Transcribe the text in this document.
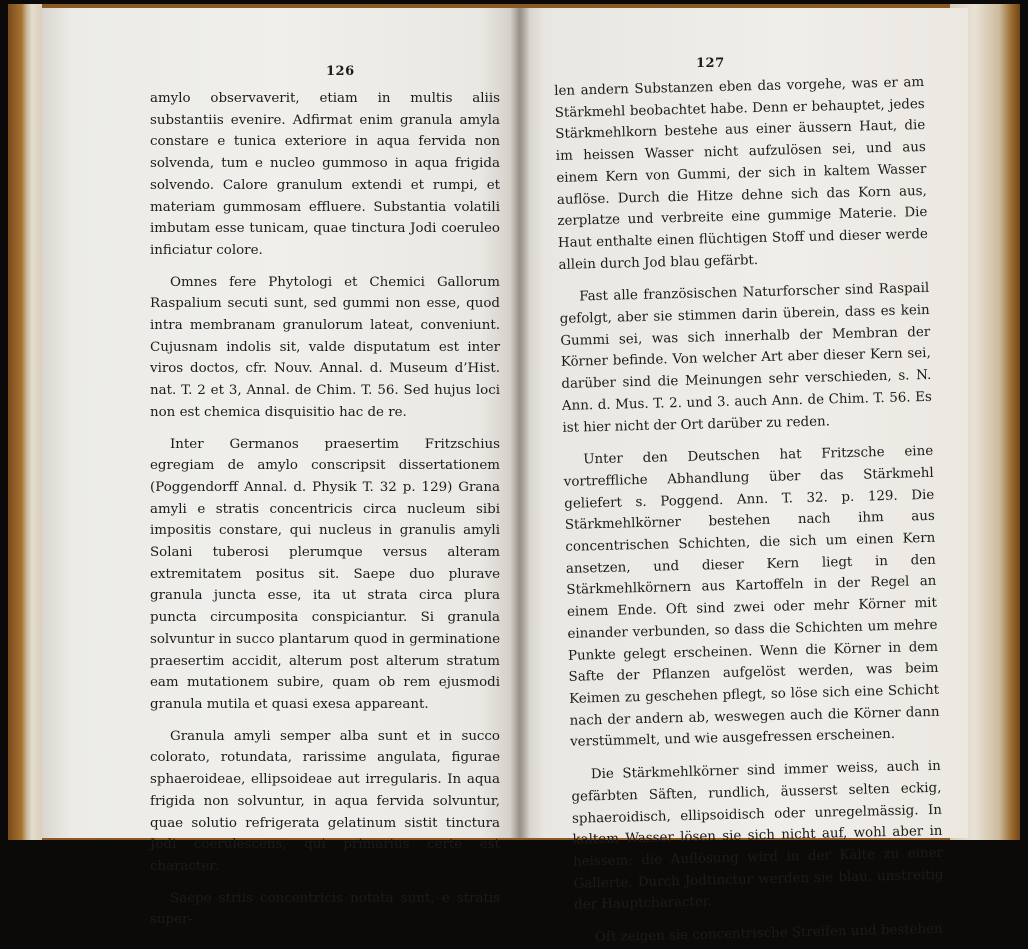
126

amylo observaverit, etiam in multis aliis substantiis evenire. Adfirmat enim granula amyla constare e tunica exteriore in aqua fervida non solvenda, tum e nucleo gummoso in aqua frigida solvendo. Calore granulum extendi et rumpi, et materiam gummosam effluere. Substantia volatili imbutam esse tunicam, quae tinctura Jodi coeruleo inficiatur colore.

Omnes fere Phytologi et Chemici Gallorum Raspalium secuti sunt, sed gummi non esse, quod intra membranam granulorum lateat, conveniunt. Cujusnam indolis sit, valde disputatum est inter viros doctos, cfr. Nouv. Annal. d. Museum d’Hist. nat. T. 2 et 3, Annal. de Chim. T. 56. Sed hujus loci non est chemica disquisitio hac de re.

Inter Germanos praesertim Fritzschius egregiam de amylo conscripsit dissertationem (Poggendorff Annal. d. Physik T. 32 p. 129) Grana amyli e stratis concentricis circa nucleum sibi impositis constare, qui nucleus in granulis amyli Solani tuberosi plerumque versus alteram extremitatem positus sit. Saepe duo plurave granula juncta esse, ita ut strata circa plura puncta circumposita conspiciantur. Si granula solvuntur in succo plantarum quod in germinatione praesertim accidit, alterum post alterum stratum eam mutationem subire, quam ob rem ejusmodi granula mutila et quasi exesa appareant.

Granula amyli semper alba sunt et in succo colorato, rotundata, rarissime angulata, figurae sphaeroideae, ellipsoideae aut irregularis. In aqua frigida non solvuntur, in aqua fervida solvuntur, quae solutio refrigerata gelatinum sistit tinctura Jodi coerulescens, qui primarius certe est character.

Saepe striis concentricis notata sunt, e stratis super-

127

len andern Substanzen eben das vorgehe, was er am Stärkmehl beobachtet habe. Denn er behauptet, jedes Stärkmehlkorn bestehe aus einer äussern Haut, die im heissen Wasser nicht aufzulösen sei, und aus einem Kern von Gummi, der sich in kaltem Wasser auflöse. Durch die Hitze dehne sich das Korn aus, zerplatze und verbreite eine gummige Materie. Die Haut enthalte einen flüchtigen Stoff und dieser werde allein durch Jod blau gefärbt.

Fast alle französischen Naturforscher sind Raspail gefolgt, aber sie stimmen darin überein, dass es kein Gummi sei, was sich innerhalb der Membran der Körner befinde. Von welcher Art aber dieser Kern sei, darüber sind die Meinungen sehr verschieden, s. N. Ann. d. Mus. T. 2. und 3. auch Ann. de Chim. T. 56. Es ist hier nicht der Ort darüber zu reden.

Unter den Deutschen hat Fritzsche eine vortreffliche Abhandlung über das Stärkmehl geliefert s. Poggend. Ann. T. 32. p. 129. Die Stärkmehlkörner bestehen nach ihm aus concentrischen Schichten, die sich um einen Kern ansetzen, und dieser Kern liegt in den Stärkmehlkörnern aus Kartoffeln in der Regel an einem Ende. Oft sind zwei oder mehr Körner mit einander verbunden, so dass die Schichten um mehre Punkte gelegt erscheinen. Wenn die Körner in dem Safte der Pflanzen aufgelöst werden, was beim Keimen zu geschehen pflegt, so löse sich eine Schicht nach der andern ab, weswegen auch die Körner dann verstümmelt, und wie ausgefressen erscheinen.

Die Stärkmehlkörner sind immer weiss, auch in gefärbten Säften, rundlich, äusserst selten eckig, sphaeroidisch, ellipsoidisch oder unregelmässig. In kaltem Wasser lösen sie sich nicht auf, wohl aber in heissem; die Auflösung wird in der Kälte zu einer Gallerte. Durch Jodtinctur werden sie blau, unstreitig der Hauptcharacter.

Oft zeigen sie concentrische Streifen und bestehen
